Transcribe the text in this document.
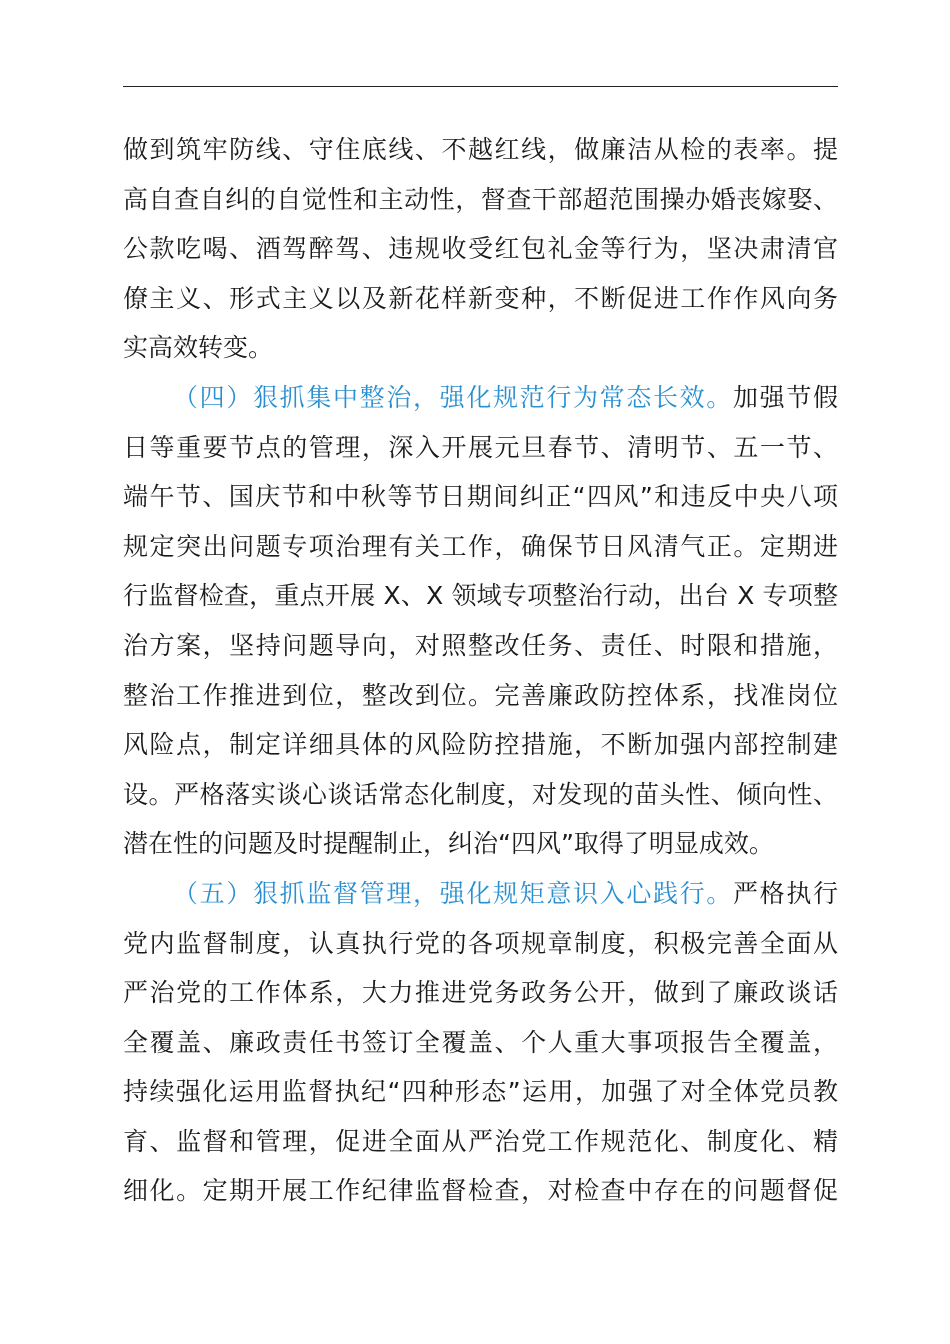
做到筑牢防线、守住底线、不越红线，做廉洁从检的表率。提
高自查自纠的自觉性和主动性，督查干部超范围操办婚丧嫁娶、
公款吃喝、酒驾醉驾、违规收受红包礼金等行为，坚决肃清官
僚主义、形式主义以及新花样新变种，不断促进工作作风向务
实高效转变。
（四）狠抓集中整治，强化规范行为常态长效。加强节假
日等重要节点的管理，深入开展元旦春节、清明节、五一节、
端午节、国庆节和中秋等节日期间纠正“四风”和违反中央八项
规定突出问题专项治理有关工作，确保节日风清气正。定期进
行监督检查，重点开展 X、X 领域专项整治行动，出台 X 专项整
治方案，坚持问题导向，对照整改任务、责任、时限和措施，
整治工作推进到位，整改到位。完善廉政防控体系，找准岗位
风险点，制定详细具体的风险防控措施，不断加强内部控制建
设。严格落实谈心谈话常态化制度，对发现的苗头性、倾向性、
潜在性的问题及时提醒制止，纠治“四风”取得了明显成效。
（五）狠抓监督管理，强化规矩意识入心践行。严格执行
党内监督制度，认真执行党的各项规章制度，积极完善全面从
严治党的工作体系，大力推进党务政务公开，做到了廉政谈话
全覆盖、廉政责任书签订全覆盖、个人重大事项报告全覆盖，
持续强化运用监督执纪“四种形态”运用，加强了对全体党员教
育、监督和管理，促进全面从严治党工作规范化、制度化、精
细化。定期开展工作纪律监督检查，对检查中存在的问题督促
